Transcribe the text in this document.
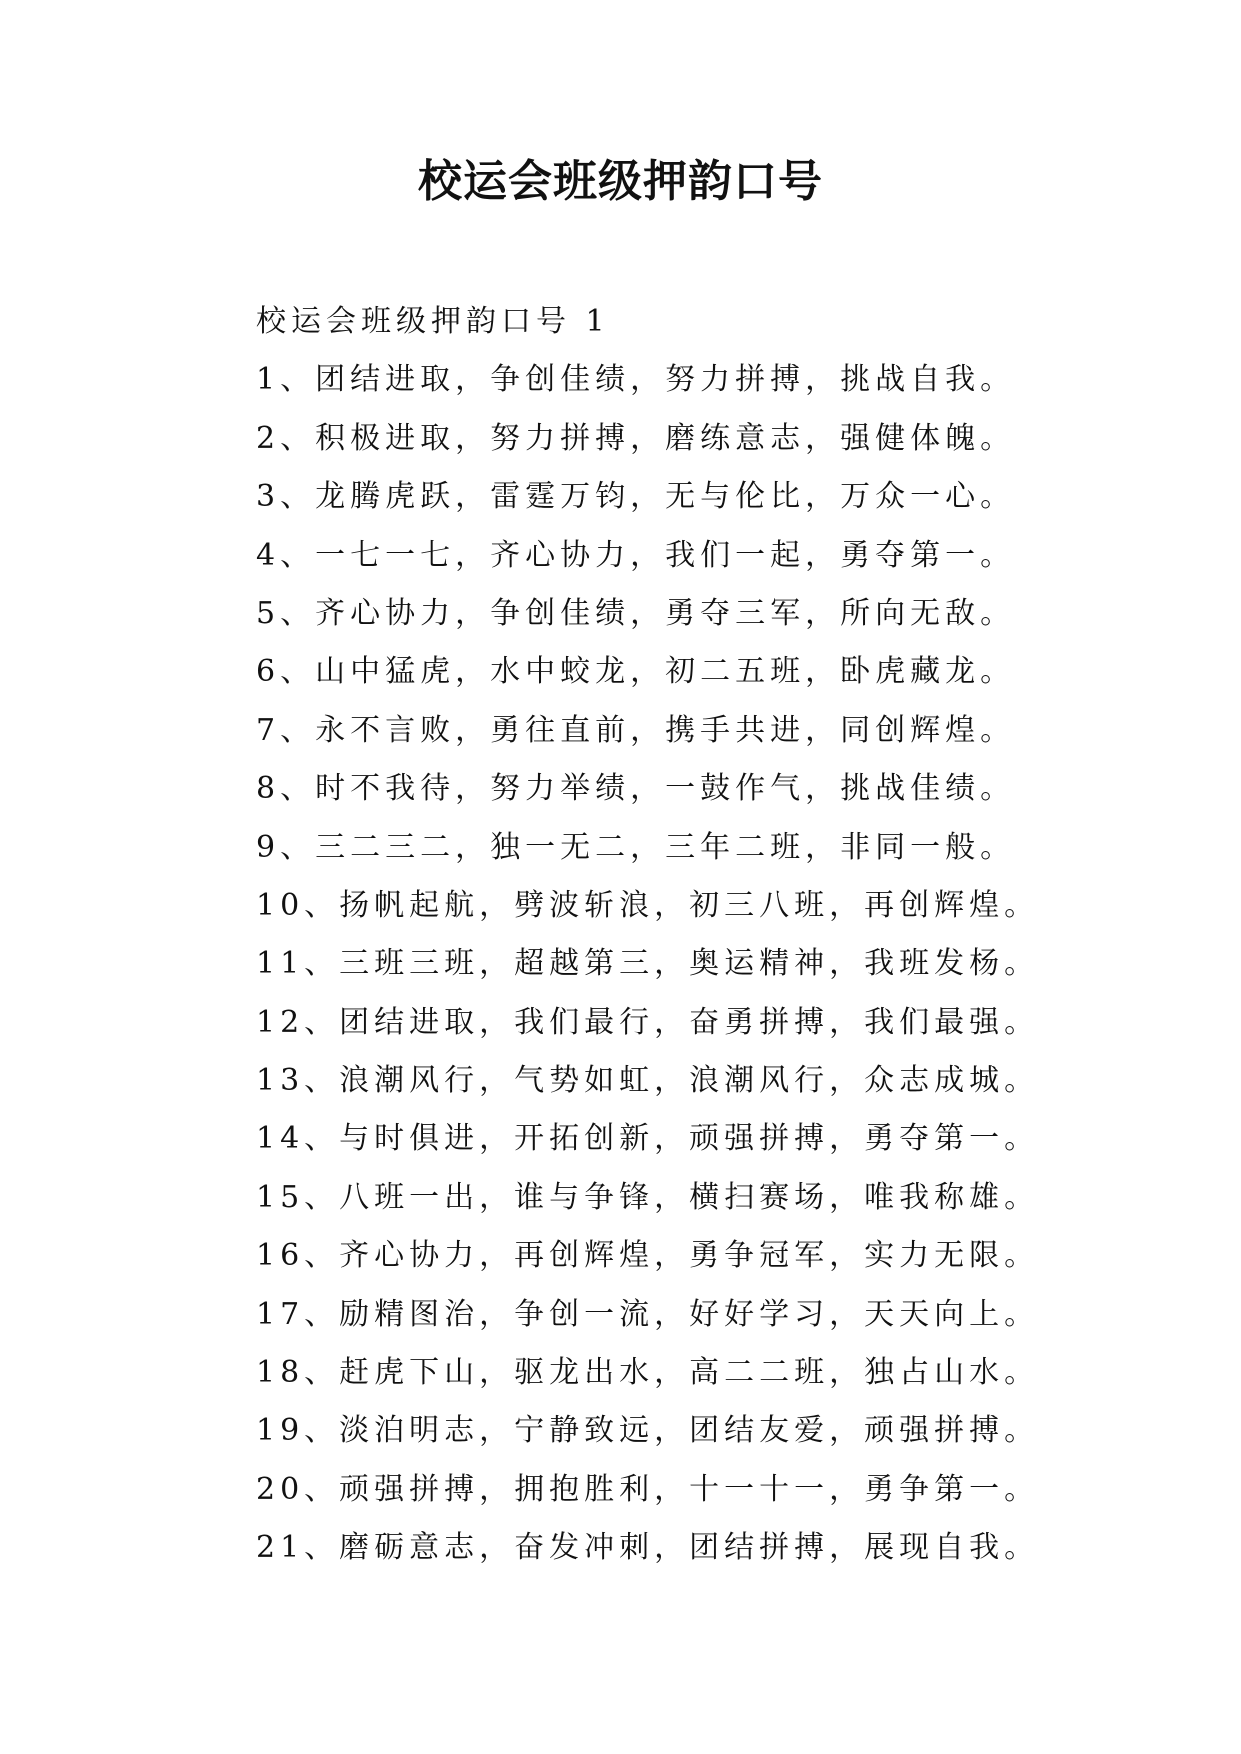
校运会班级押韵口号

校运会班级押韵口号 1

1、团结进取，争创佳绩，努力拼搏，挑战自我。

2、积极进取，努力拼搏，磨练意志，强健体魄。

3、龙腾虎跃，雷霆万钧，无与伦比，万众一心。

4、一七一七，齐心协力，我们一起，勇夺第一。

5、齐心协力，争创佳绩，勇夺三军，所向无敌。

6、山中猛虎，水中蛟龙，初二五班，卧虎藏龙。

7、永不言败，勇往直前，携手共进，同创辉煌。

8、时不我待，努力举绩，一鼓作气，挑战佳绩。

9、三二三二，独一无二，三年二班，非同一般。

10、扬帆起航，劈波斩浪，初三八班，再创辉煌。

11、三班三班，超越第三，奥运精神，我班发杨。

12、团结进取，我们最行，奋勇拼搏，我们最强。

13、浪潮风行，气势如虹，浪潮风行，众志成城。

14、与时俱进，开拓创新，顽强拼搏，勇夺第一。

15、八班一出，谁与争锋，横扫赛场，唯我称雄。

16、齐心协力，再创辉煌，勇争冠军，实力无限。

17、励精图治，争创一流，好好学习，天天向上。

18、赶虎下山，驱龙出水，高二二班，独占山水。

19、淡泊明志，宁静致远，团结友爱，顽强拼搏。

20、顽强拼搏，拥抱胜利，十一十一，勇争第一。

21、磨砺意志，奋发冲刺，团结拼搏，展现自我。
